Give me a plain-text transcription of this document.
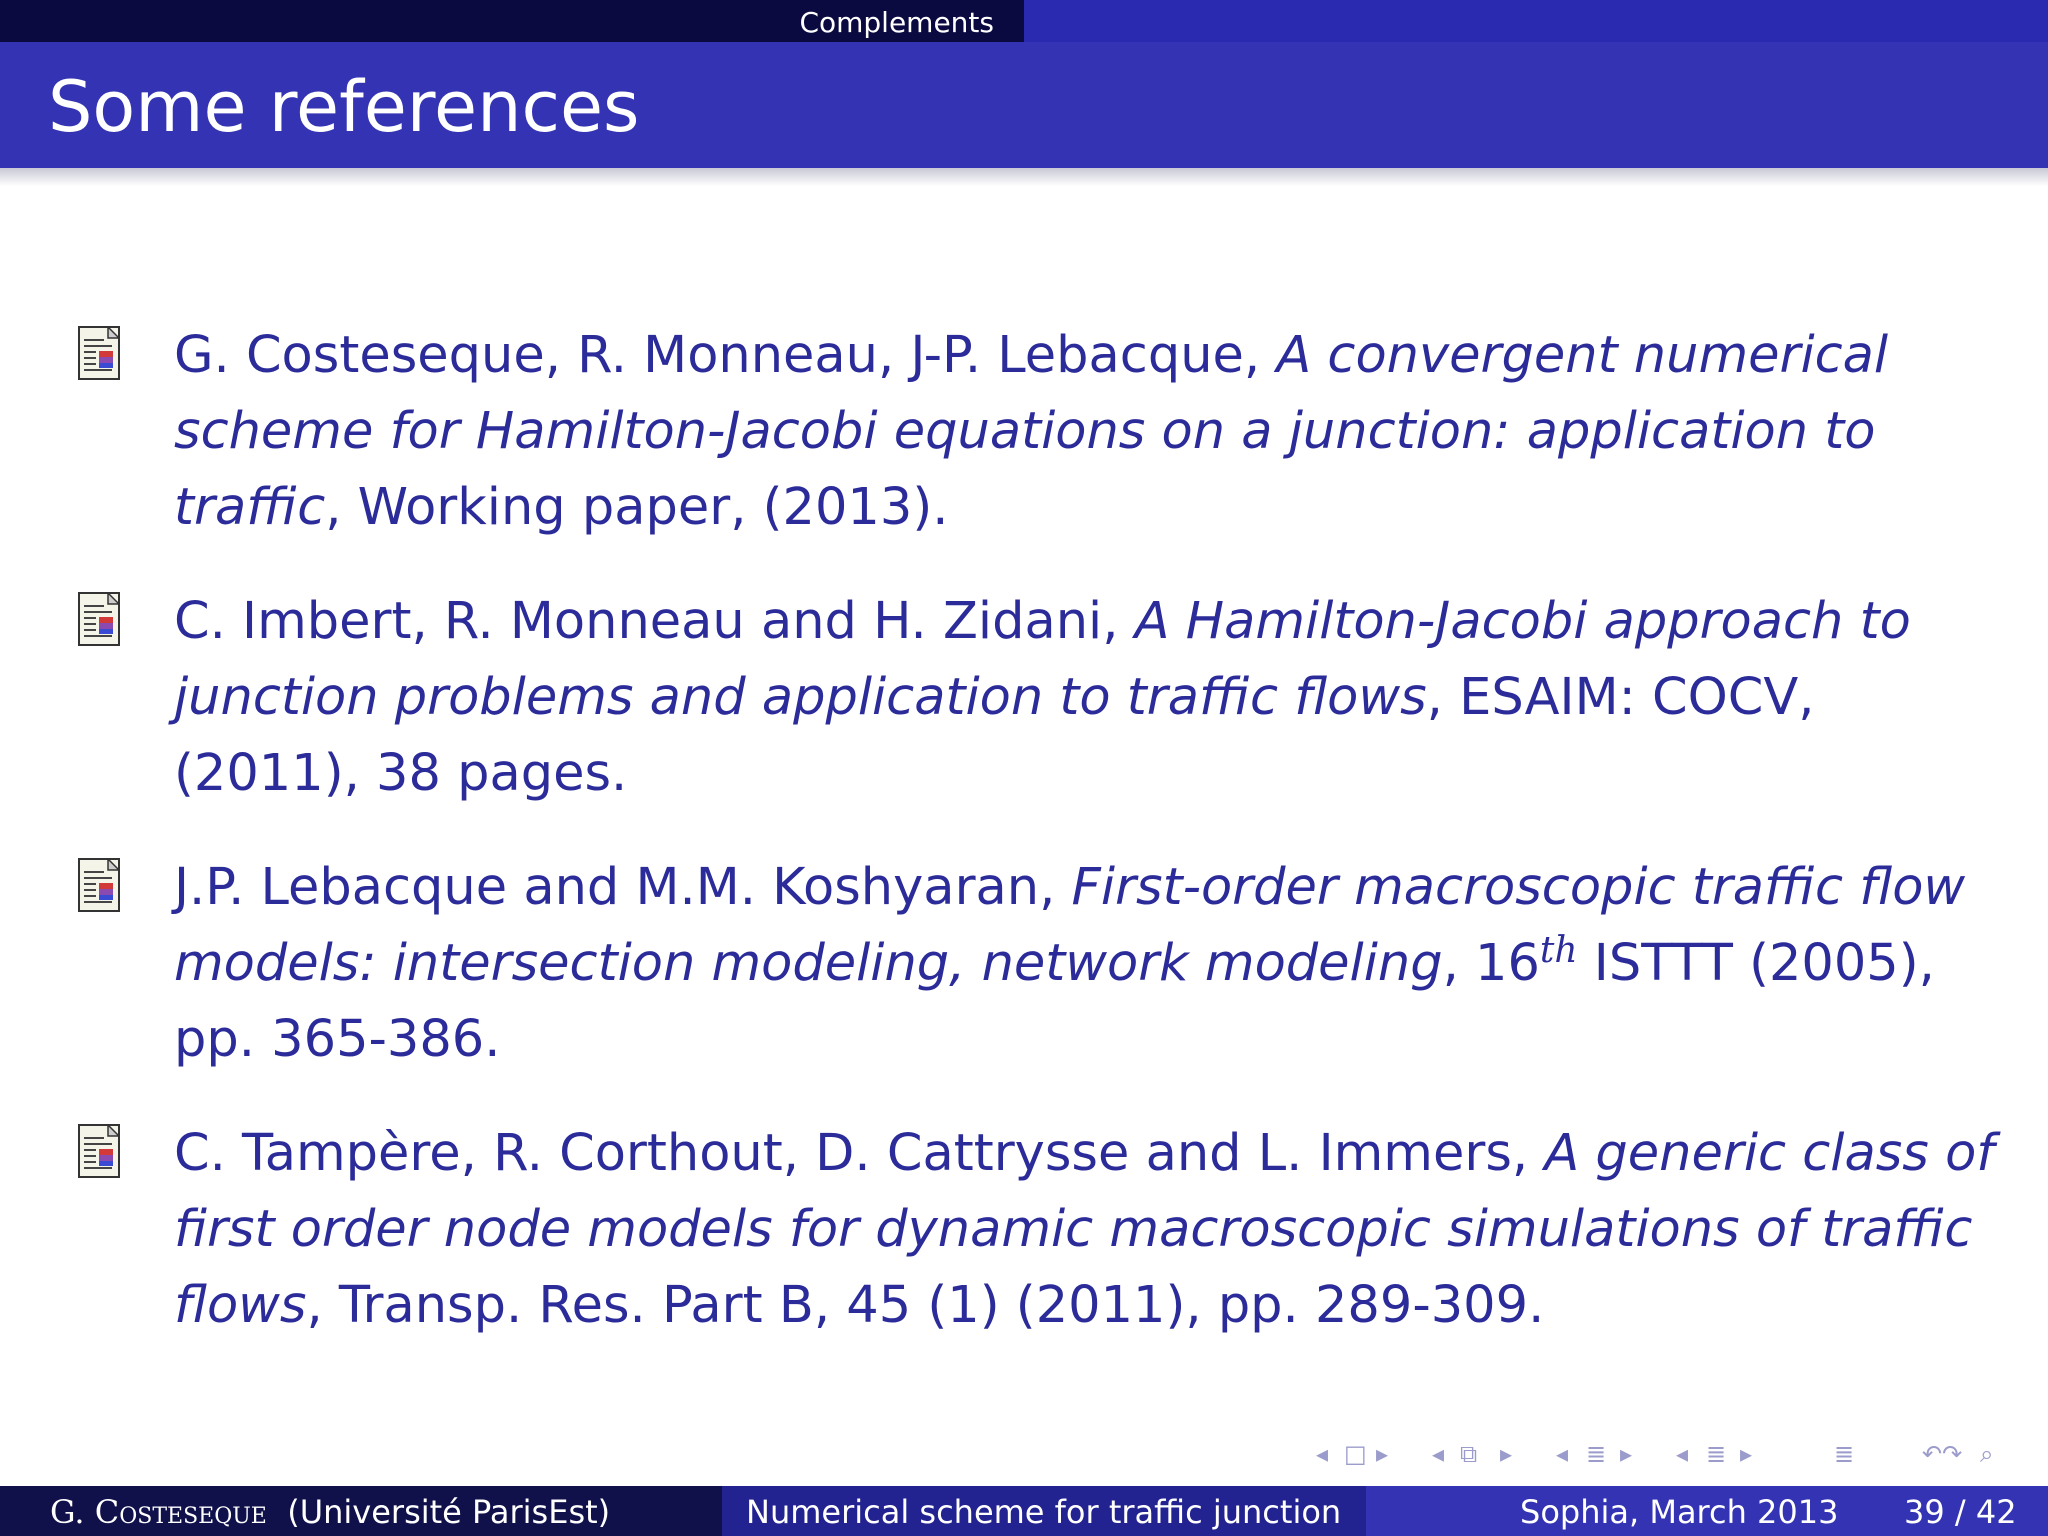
Complements
Some references
G. Costeseque, R. Monneau, J-P. Lebacque, A convergent numerical scheme for Hamilton-Jacobi equations on a junction: application to traffic, Working paper, (2013).
C. Imbert, R. Monneau and H. Zidani, A Hamilton-Jacobi approach to junction problems and application to traffic flows, ESAIM: COCV, (2011), 38 pages.
J.P. Lebacque and M.M. Koshyaran, First-order macroscopic traffic flow models: intersection modeling, network modeling, 16th ISTTT (2005), pp. 365-386.
C. Tampère, R. Corthout, D. Cattrysse and L. Immers, A generic class of first order node models for dynamic macroscopic simulations of traffic flows, Transp. Res. Part B, 45 (1) (2011), pp. 289-309.
◂ □ ▸ ◂ ⧉ ▸ ◂ ≣ ▸ ◂ ≣ ▸	≣	↶↷ ⌕
G. Costeseque (Université ParisEst)	Numerical scheme for traffic junction	Sophia, March 2013 39 / 42
